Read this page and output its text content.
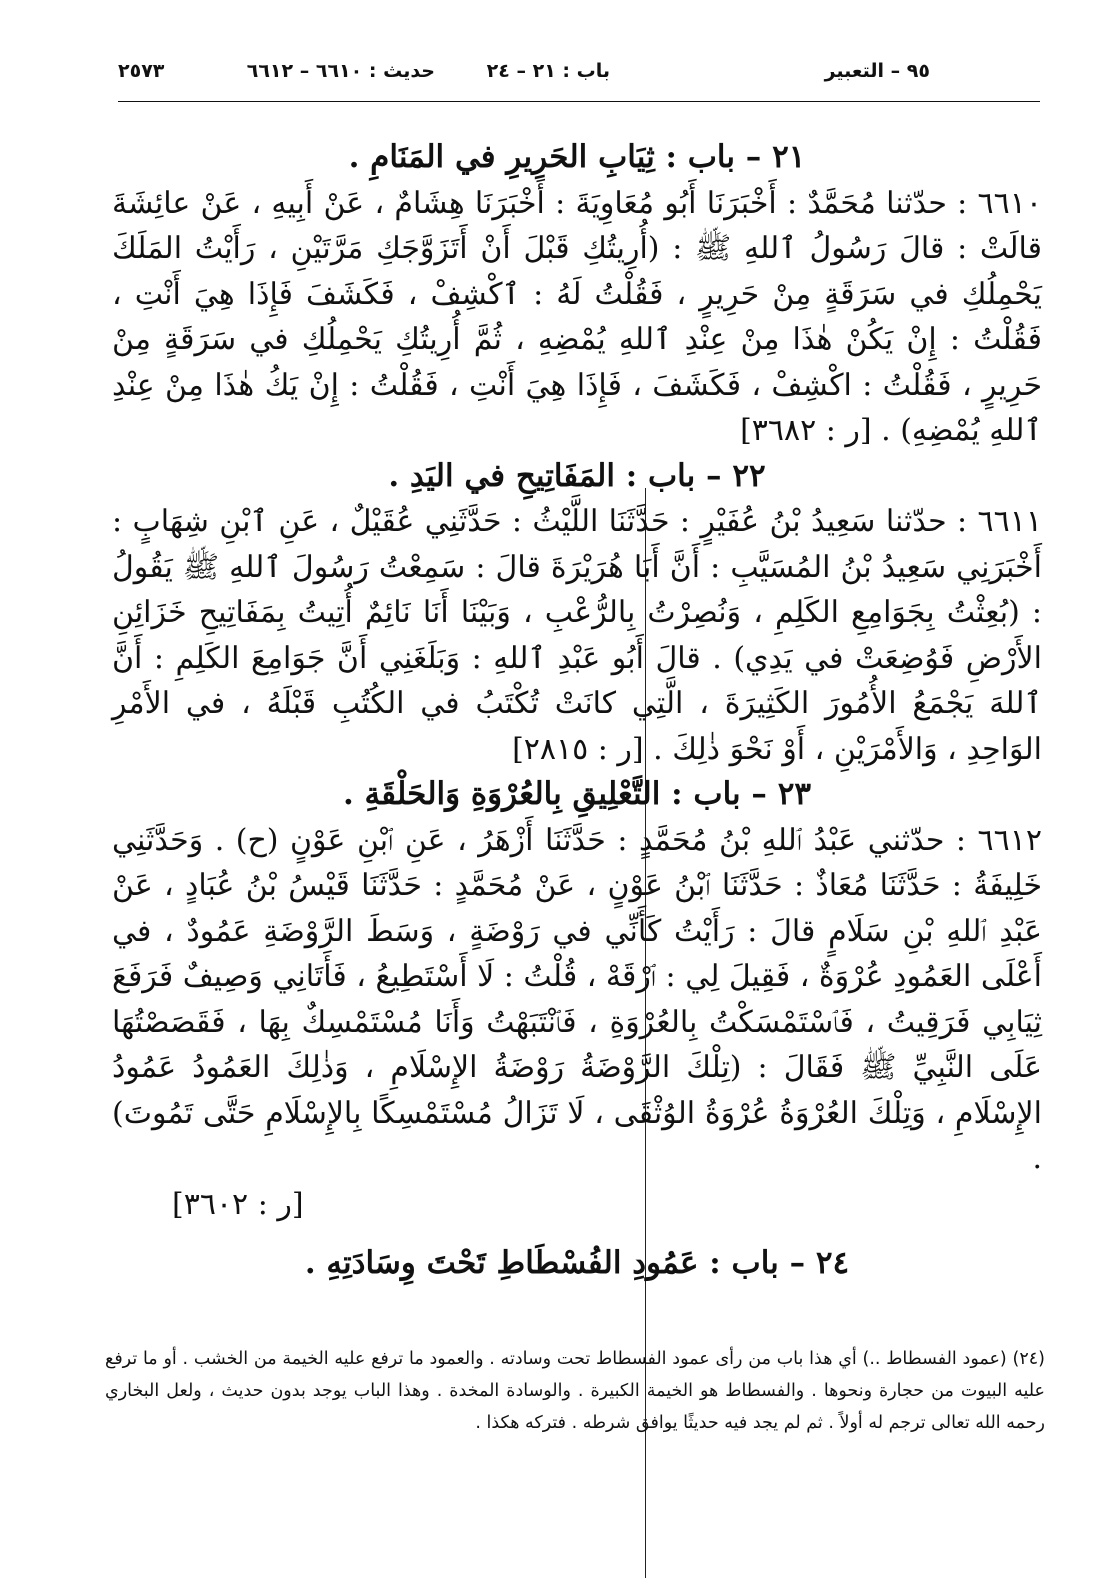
٩٥ – التعبير
باب : ٢١ – ٢٤
حديث : ٦٦١٠ – ٦٦١٢
٢٥٧٣

٢١ – باب : ثِيَابِ الحَرِيرِ في المَنَامِ .

٦٦١٠ : حدّثنا مُحَمَّدٌ : أَخْبَرَنَا أَبُو مُعَاوِيَةَ : أَخْبَرَنَا هِشَامٌ ، عَنْ أَبِيهِ ، عَنْ عائِشَةَ قالَتْ : قالَ رَسُولُ ٱللهِ ﷺ : (أُرِيتُكِ قَبْلَ أَنْ أَتَزَوَّجَكِ مَرَّتَيْنِ ، رَأَيْتُ المَلَكَ يَحْمِلُكِ في سَرَقَةٍ مِنْ حَرِيرٍ ، فَقُلْتُ لَهُ : ٱكْشِفْ ، فَكَشَفَ فَإِذَا هِيَ أَنْتِ ، فَقُلْتُ : إِنْ يَكُنْ هٰذَا مِنْ عِنْدِ ٱللهِ يُمْضِهِ ، ثُمَّ أُرِيتُكِ يَحْمِلُكِ في سَرَقَةٍ مِنْ حَرِيرٍ ، فَقُلْتُ : اكْشِفْ ، فَكَشَفَ ، فَإِذَا هِيَ أَنْتِ ، فَقُلْتُ : إِنْ يَكُ هٰذَا مِنْ عِنْدِ ٱللهِ يُمْضِهِ) . [ر : ٣٦٨٢]

٢٢ – باب : المَفَاتِيحِ في اليَدِ .

٦٦١١ : حدّثنا سَعِيدُ بْنُ عُفَيْرٍ : حَدَّثَنَا اللَّيْثُ : حَدَّثَنِي عُقَيْلٌ ، عَنِ ٱبْنِ شِهَابٍ : أَخْبَرَنِي سَعِيدُ بْنُ المُسَيَّبِ : أَنَّ أَبَا هُرَيْرَةَ قالَ : سَمِعْتُ رَسُولَ ٱللهِ ﷺ يَقُولُ : (بُعِثْتُ بِجَوَامِعِ الكَلِمِ ، وَنُصِرْتُ بِالرُّعْبِ ، وَبَيْنَا أَنَا نَائِمٌ أُتِيتُ بِمَفَاتِيحِ خَزَائِنِ الأَرْضِ فَوُضِعَتْ في يَدِي) . قالَ أَبُو عَبْدِ ٱللهِ : وَبَلَغَنِي أَنَّ جَوَامِعَ الكَلِمِ : أَنَّ ٱللهَ يَجْمَعُ الأُمُورَ الكَثِيرَةَ ، الَّتِي كانَتْ تُكْتَبُ في الكُتُبِ قَبْلَهُ ، في الأَمْرِ الوَاحِدِ ، وَالأَمْرَيْنِ ، أَوْ نَحْوَ ذٰلِكَ . [ر : ٢٨١٥]

٢٣ – باب : التَّعْلِيقِ بِالعُرْوَةِ وَالحَلْقَةِ .

٦٦١٢ : حدّثني عَبْدُ ٱللهِ بْنُ مُحَمَّدٍ : حَدَّثَنَا أَزْهَرُ ، عَنِ ٱبْنِ عَوْنٍ (ح) . وَحَدَّثَنِي خَلِيفَةُ : حَدَّثَنَا مُعَاذٌ : حَدَّثَنَا ٱبْنُ عَوْنٍ ، عَنْ مُحَمَّدٍ : حَدَّثَنَا قَيْسُ بْنُ عُبَادٍ ، عَنْ عَبْدِ ٱللهِ بْنِ سَلَامٍ قالَ : رَأَيْتُ كَأَنِّي في رَوْضَةٍ ، وَسَطَ الرَّوْضَةِ عَمُودٌ ، في أَعْلَى العَمُودِ عُرْوَةٌ ، فَقِيلَ لِي : ٱرْقَهْ ، قُلْتُ : لَا أَسْتَطِيعُ ، فَأَتَانِي وَصِيفٌ فَرَفَعَ ثِيَابِي فَرَقِيتُ ، فَٱسْتَمْسَكْتُ بِالعُرْوَةِ ، فَٱنْتَبَهْتُ وَأَنَا مُسْتَمْسِكٌ بِهَا ، فَقَصَصْتُهَا عَلَى النَّبِيِّ ﷺ فَقَالَ : (تِلْكَ الرَّوْضَةُ رَوْضَةُ الإِسْلَامِ ، وَذٰلِكَ العَمُودُ عَمُودُ الإِسْلَامِ ، وَتِلْكَ العُرْوَةُ عُرْوَةُ الوُثْقَى ، لَا تَزَالُ مُسْتَمْسِكًا بِالإِسْلَامِ حَتَّى تَمُوتَ) .

[ر : ٣٦٠٢]

٢٤ – باب : عَمُودِ الفُسْطَاطِ تَحْتَ وِسَادَتِهِ .

(٢٤) (عمود الفسطاط ..) أي هذا باب من رأى عمود الفسطاط تحت وسادته . والعمود ما ترفع عليه الخيمة من الخشب . أو ما ترفع عليه البيوت من حجارة ونحوها . والفسطاط هو الخيمة الكبيرة . والوسادة المخدة . وهذا الباب يوجد بدون حديث ، ولعل البخاري رحمه الله تعالى ترجم له أولاً . ثم لم يجد فيه حديثًا يوافق شرطه . فتركه هكذا .
